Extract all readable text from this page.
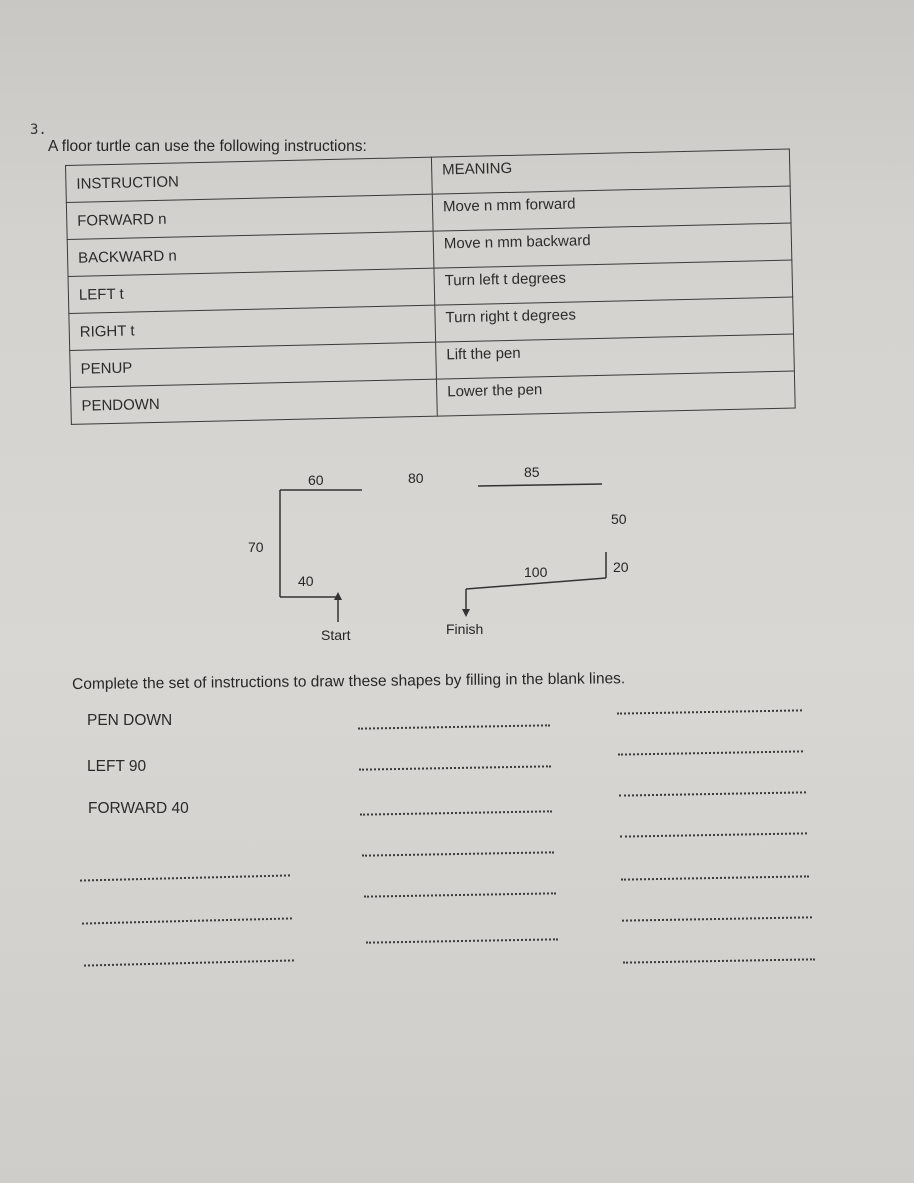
3.
A floor turtle can use the following instructions:
INSTRUCTION	MEANING

FORWARD n	Move n mm forward

BACKWARD n	Move n mm backward

LEFT t	Turn left t degrees

RIGHT t	Turn right t degrees

PENUP	Lift the pen

PENDOWN	Lower the pen
60	80	85
50
70
40
100	20
Start	Finish
Complete the set of instructions to draw these shapes by filling in the blank lines.
PEN DOWN
LEFT 90
FORWARD 40
